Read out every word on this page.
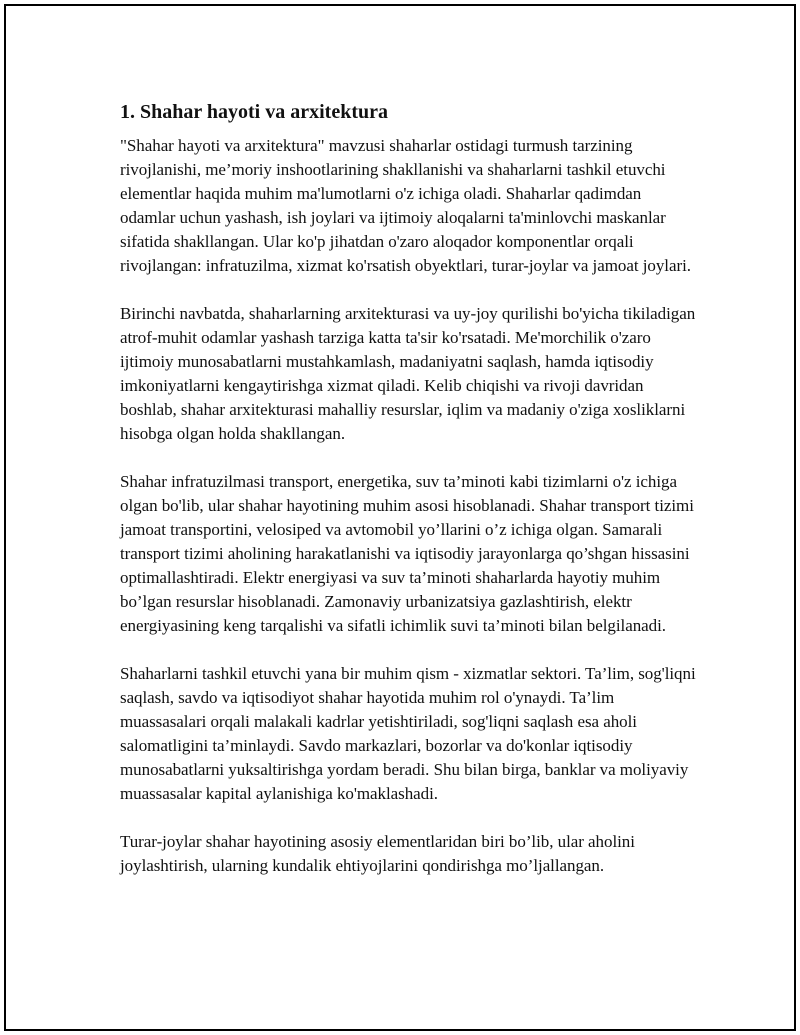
1. Shahar hayoti va arxitektura

"Shahar hayoti va arxitektura" mavzusi shaharlar ostidagi turmush tarzining rivojlanishi, me’moriy inshootlarining shakllanishi va shaharlarni tashkil etuvchi elementlar haqida muhim ma'lumotlarni o'z ichiga oladi. Shaharlar qadimdan odamlar uchun yashash, ish joylari va ijtimoiy aloqalarni ta'minlovchi maskanlar sifatida shakllangan. Ular ko'p jihatdan o'zaro aloqador komponentlar orqali rivojlangan: infratuzilma, xizmat ko'rsatish obyektlari, turar-joylar va jamoat joylari.

Birinchi navbatda, shaharlarning arxitekturasi va uy-joy qurilishi bo'yicha tikiladigan atrof-muhit odamlar yashash tarziga katta ta'sir ko'rsatadi. Me'morchilik o'zaro ijtimoiy munosabatlarni mustahkamlash, madaniyatni saqlash, hamda iqtisodiy imkoniyatlarni kengaytirishga xizmat qiladi. Kelib chiqishi va rivoji davridan boshlab, shahar arxitekturasi mahalliy resurslar, iqlim va madaniy o'ziga xosliklarni hisobga olgan holda shakllangan.

Shahar infratuzilmasi transport, energetika, suv ta’minoti kabi tizimlarni o'z ichiga olgan bo'lib, ular shahar hayotining muhim asosi hisoblanadi. Shahar transport tizimi jamoat transportini, velosiped va avtomobil yo’llarini o’z ichiga olgan. Samarali transport tizimi aholining harakatlanishi va iqtisodiy jarayonlarga qo’shgan hissasini optimallashtiradi. Elektr energiyasi va suv ta’minoti shaharlarda hayotiy muhim bo’lgan resurslar hisoblanadi. Zamonaviy urbanizatsiya gazlashtirish, elektr energiyasining keng tarqalishi va sifatli ichimlik suvi ta’minoti bilan belgilanadi.

Shaharlarni tashkil etuvchi yana bir muhim qism - xizmatlar sektori. Ta’lim, sog'liqni saqlash, savdo va iqtisodiyot shahar hayotida muhim rol o'ynaydi. Ta’lim muassasalari orqali malakali kadrlar yetishtiriladi, sog'liqni saqlash esa aholi salomatligini ta’minlaydi. Savdo markazlari, bozorlar va do'konlar iqtisodiy munosabatlarni yuksaltirishga yordam beradi. Shu bilan birga, banklar va moliyaviy muassasalar kapital aylanishiga ko'maklashadi.

Turar-joylar shahar hayotining asosiy elementlaridan biri bo’lib, ular aholini joylashtirish, ularning kundalik ehtiyojlarini qondirishga mo’ljallangan.
